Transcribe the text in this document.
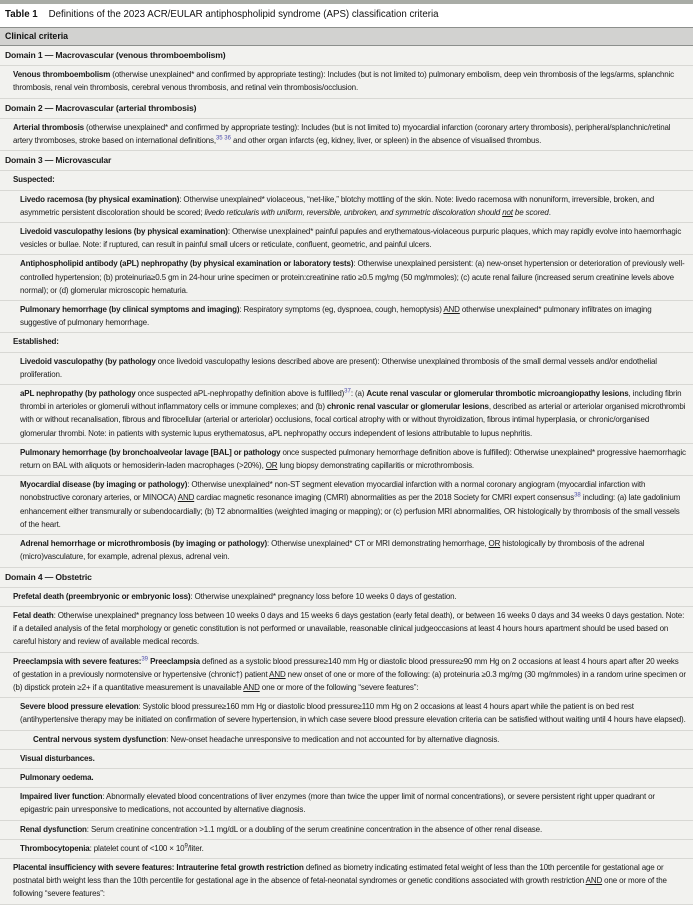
Table 1 Definitions of the 2023 ACR/EULAR antiphospholipid syndrome (APS) classification criteria
Clinical criteria
Domain 1 — Macrovascular (venous thromboembolism)
Venous thromboembolism (otherwise unexplained* and confirmed by appropriate testing): Includes (but is not limited to) pulmonary embolism, deep vein thrombosis of the legs/arms, splanchnic thrombosis, renal vein thrombosis, cerebral venous thrombosis, and retinal vein thrombosis/occlusion.
Domain 2 — Macrovascular (arterial thrombosis)
Arterial thrombosis (otherwise unexplained* and confirmed by appropriate testing): Includes (but is not limited to) myocardial infarction (coronary artery thrombosis), peripheral/splanchnic/retinal artery thromboses, stroke based on international definitions,$^{35 36}$ and other organ infarcts (eg, kidney, liver, or spleen) in the absence of visualised thrombus.
Domain 3 — Microvascular
Suspected:
Livedo racemosa (by physical examination): Otherwise unexplained* violaceous, “net-like,” blotchy mottling of the skin. Note: livedo racemosa with nonuniform, irreversible, broken, and asymmetric persistent discoloration should be scored; livedo reticularis with uniform, reversible, unbroken, and symmetric discoloration should not be scored.
Livedoid vasculopathy lesions (by physical examination): Otherwise unexplained* painful papules and erythematous-violaceous purpuric plaques, which may rapidly evolve into haemorrhagic vesicles or bullae. Note: if ruptured, can result in painful small ulcers or reticulate, confluent, geometric, and painful ulcers.
Antiphospholipid antibody (aPL) nephropathy (by physical examination or laboratory tests): Otherwise unexplained persistent: (a) new-onset hypertension or deterioration of previously well-controlled hypertension; (b) proteinuria≥0.5 gm in 24-hour urine specimen or protein:creatinine ratio ≥0.5 mg/mg (50 mg/mmoles); (c) acute renal failure (increased serum creatinine levels above normal); or (d) glomerular microscopic hematuria.
Pulmonary hemorrhage (by clinical symptoms and imaging): Respiratory symptoms (eg, dyspnoea, cough, hemoptysis) AND otherwise unexplained* pulmonary infiltrates on imaging suggestive of pulmonary hemorrhage.
Established:
Livedoid vasculopathy (by pathology once livedoid vasculopathy lesions described above are present): Otherwise unexplained thrombosis of the small dermal vessels and/or endothelial proliferation.
aPL nephropathy (by pathology once suspected aPL-nephropathy definition above is fulfilled)$^{37}$: (a) Acute renal vascular or glomerular thrombotic microangiopathy lesions, including fibrin thrombi in arterioles or glomeruli without inflammatory cells or immune complexes; and (b) chronic renal vascular or glomerular lesions, described as arterial or arteriolar organised microthrombi with or without recanalisation, fibrous and fibrocellular (arterial or arteriolar) occlusions, focal cortical atrophy with or without thyroidization, fibrous intimal hyperplasia, or chronic/organised glomerular thrombi. Note: in patients with systemic lupus erythematosus, aPL nephropathy occurs independent of lesions attributable to lupus nephritis.
Pulmonary hemorrhage (by bronchoalveolar lavage [BAL] or pathology once suspected pulmonary hemorrhage definition above is fulfilled): Otherwise unexplained* progressive haemorrhagic return on BAL with aliquots or hemosiderin-laden macrophages (>20%), OR lung biopsy demonstrating capillaritis or microthrombosis.
Myocardial disease (by imaging or pathology): Otherwise unexplained* non-ST segment elevation myocardial infarction with a normal coronary angiogram (myocardial infarction with nonobstructive coronary arteries, or MINOCA) AND cardiac magnetic resonance imaging (CMRI) abnormalities as per the 2018 Society for CMRI expert consensus$^{38}$ including: (a) late gadolinium enhancement either transmurally or subendocardially; (b) T2 abnormalities (weighted imaging or mapping); or (c) perfusion MRI abnormalities, OR histologically by thrombosis of the small vessels of the heart.
Adrenal hemorrhage or microthrombosis (by imaging or pathology): Otherwise unexplained* CT or MRI demonstrating hemorrhage, OR histologically by thrombosis of the adrenal (micro)vasculature, for example, adrenal plexus, adrenal vein.
Domain 4 — Obstetric
Prefetal death (preembryonic or embryonic loss): Otherwise unexplained* pregnancy loss before 10 weeks 0 days of gestation.
Fetal death: Otherwise unexplained* pregnancy loss between 10 weeks 0 days and 15 weeks 6 days gestation (early fetal death), or between 16 weeks 0 days and 34 weeks 0 days gestation. Note: if a detailed analysis of the fetal morphology or genetic constitution is not performed or unavailable, reasonable clinical judgeoccasions at least 4 hours hours apartment should be used based on careful history and review of available medical records.
Preeclampsia with severe features:$^{39}$ Preeclampsia defined as a systolic blood pressure≥140 mm Hg or diastolic blood pressure≥90 mm Hg on 2 occasions at least 4 hours apart after 20 weeks of gestation in a previously normotensive or hypertensive (chronic†) patient AND new onset of one or more of the following: (a) proteinuria ≥0.3 mg/mg (30 mg/mmoles) in a random urine specimen or (b) dipstick protein ≥2+ if a quantitative measurement is unavailable AND one or more of the following “severe features”:
Severe blood pressure elevation: Systolic blood pressure≥160 mm Hg or diastolic blood pressure≥110 mm Hg on 2 occasions at least 4 hours apart while the patient is on bed rest (antihypertensive therapy may be initiated on confirmation of severe hypertension, in which case severe blood pressure elevation criteria can be satisfied without waiting until 4 hours have elapsed).
Central nervous system dysfunction: New-onset headache unresponsive to medication and not accounted for by alternative diagnosis.
Visual disturbances.
Pulmonary oedema.
Impaired liver function: Abnormally elevated blood concentrations of liver enzymes (more than twice the upper limit of normal concentrations), or severe persistent right upper quadrant or epigastric pain unresponsive to medications, not accounted by alternative diagnosis.
Renal dysfunction: Serum creatinine concentration >1.1 mg/dL or a doubling of the serum creatinine concentration in the absence of other renal disease.
Thrombocytopenia: platelet count of $<100 \times 10^9$/liter.
Placental insufficiency with severe features: Intrauterine fetal growth restriction defined as biometry indicating estimated fetal weight of less than the 10th percentile for gestational age or postnatal birth weight less than the 10th percentile for gestational age in the absence of fetal-neonatal syndromes or genetic conditions associated with growth restriction AND one or more of the following “severe features”:
